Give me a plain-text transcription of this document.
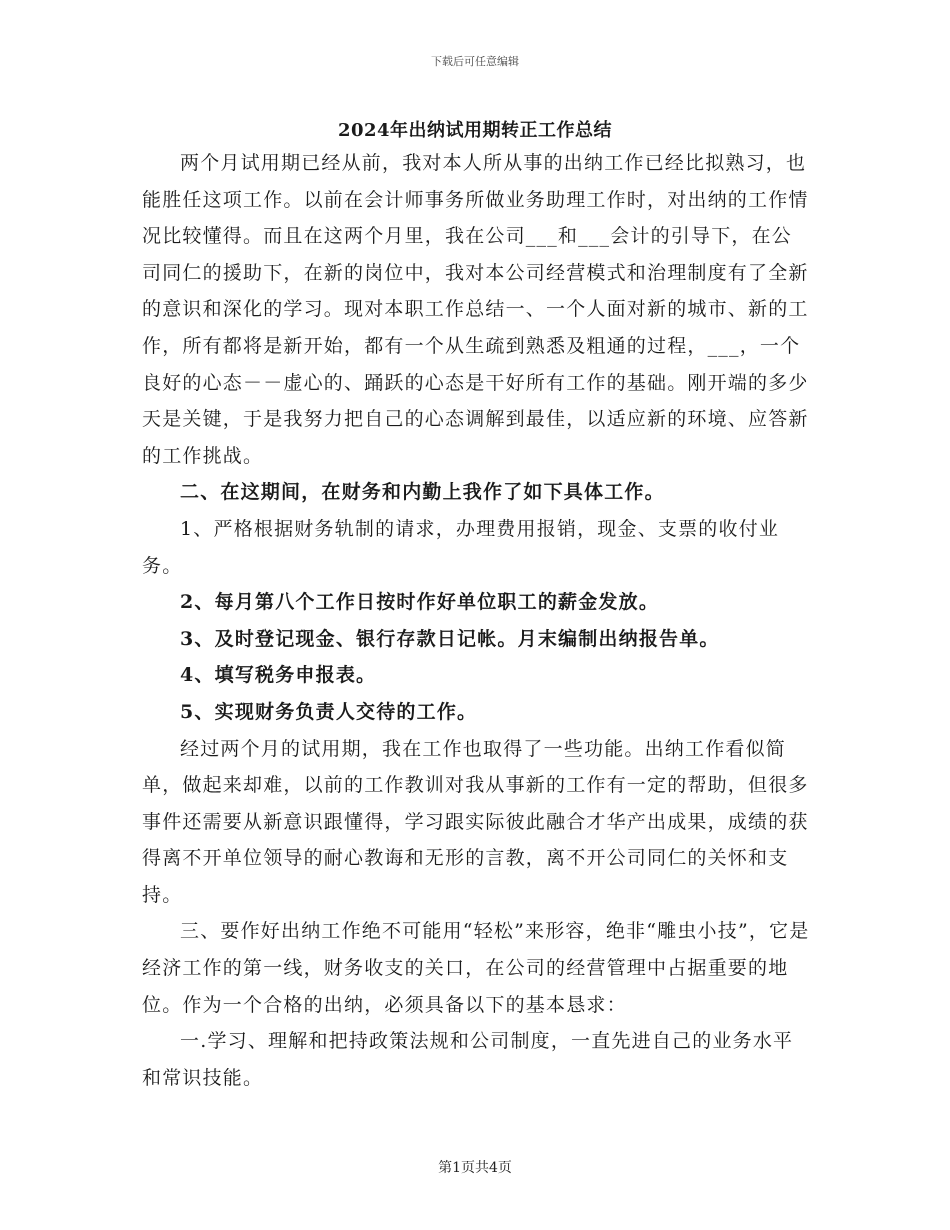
下载后可任意编辑
2024年出纳试用期转正工作总结

两个月试用期已经从前，我对本人所从事的出纳工作已经比拟熟习，也能胜任这项工作。以前在会计师事务所做业务助理工作时，对出纳的工作情况比较懂得。而且在这两个月里，我在公司___和___会计的引导下，在公司同仁的援助下，在新的岗位中，我对本公司经营模式和治理制度有了全新的意识和深化的学习。现对本职工作总结一、一个人面对新的城市、新的工作，所有都将是新开始，都有一个从生疏到熟悉及粗通的过程，___，一个良好的心态－－虚心的、踊跃的心态是干好所有工作的基础。刚开端的多少天是关键，于是我努力把自己的心态调解到最佳，以适应新的环境、应答新的工作挑战。

二、在这期间，在财务和内勤上我作了如下具体工作。

1、严格根据财务轨制的请求，办理费用报销，现金、支票的收付业务。

2、每月第八个工作日按时作好单位职工的薪金发放。

3、及时登记现金、银行存款日记帐。月末编制出纳报告单。

4、填写税务申报表。

5、实现财务负责人交待的工作。

经过两个月的试用期，我在工作也取得了一些功能。出纳工作看似简单，做起来却难，以前的工作教训对我从事新的工作有一定的帮助，但很多事件还需要从新意识跟懂得，学习跟实际彼此融合才华产出成果，成绩的获得离不开单位领导的耐心教诲和无形的言教，离不开公司同仁的关怀和支持。

三、要作好出纳工作绝不可能用“轻松”来形容，绝非“雕虫小技”，它是经济工作的第一线，财务收支的关口，在公司的经营管理中占据重要的地位。作为一个合格的出纳，必须具备以下的基本恳求：

一.学习、理解和把持政策法规和公司制度，一直先进自己的业务水平和常识技能。

第1页共4页
